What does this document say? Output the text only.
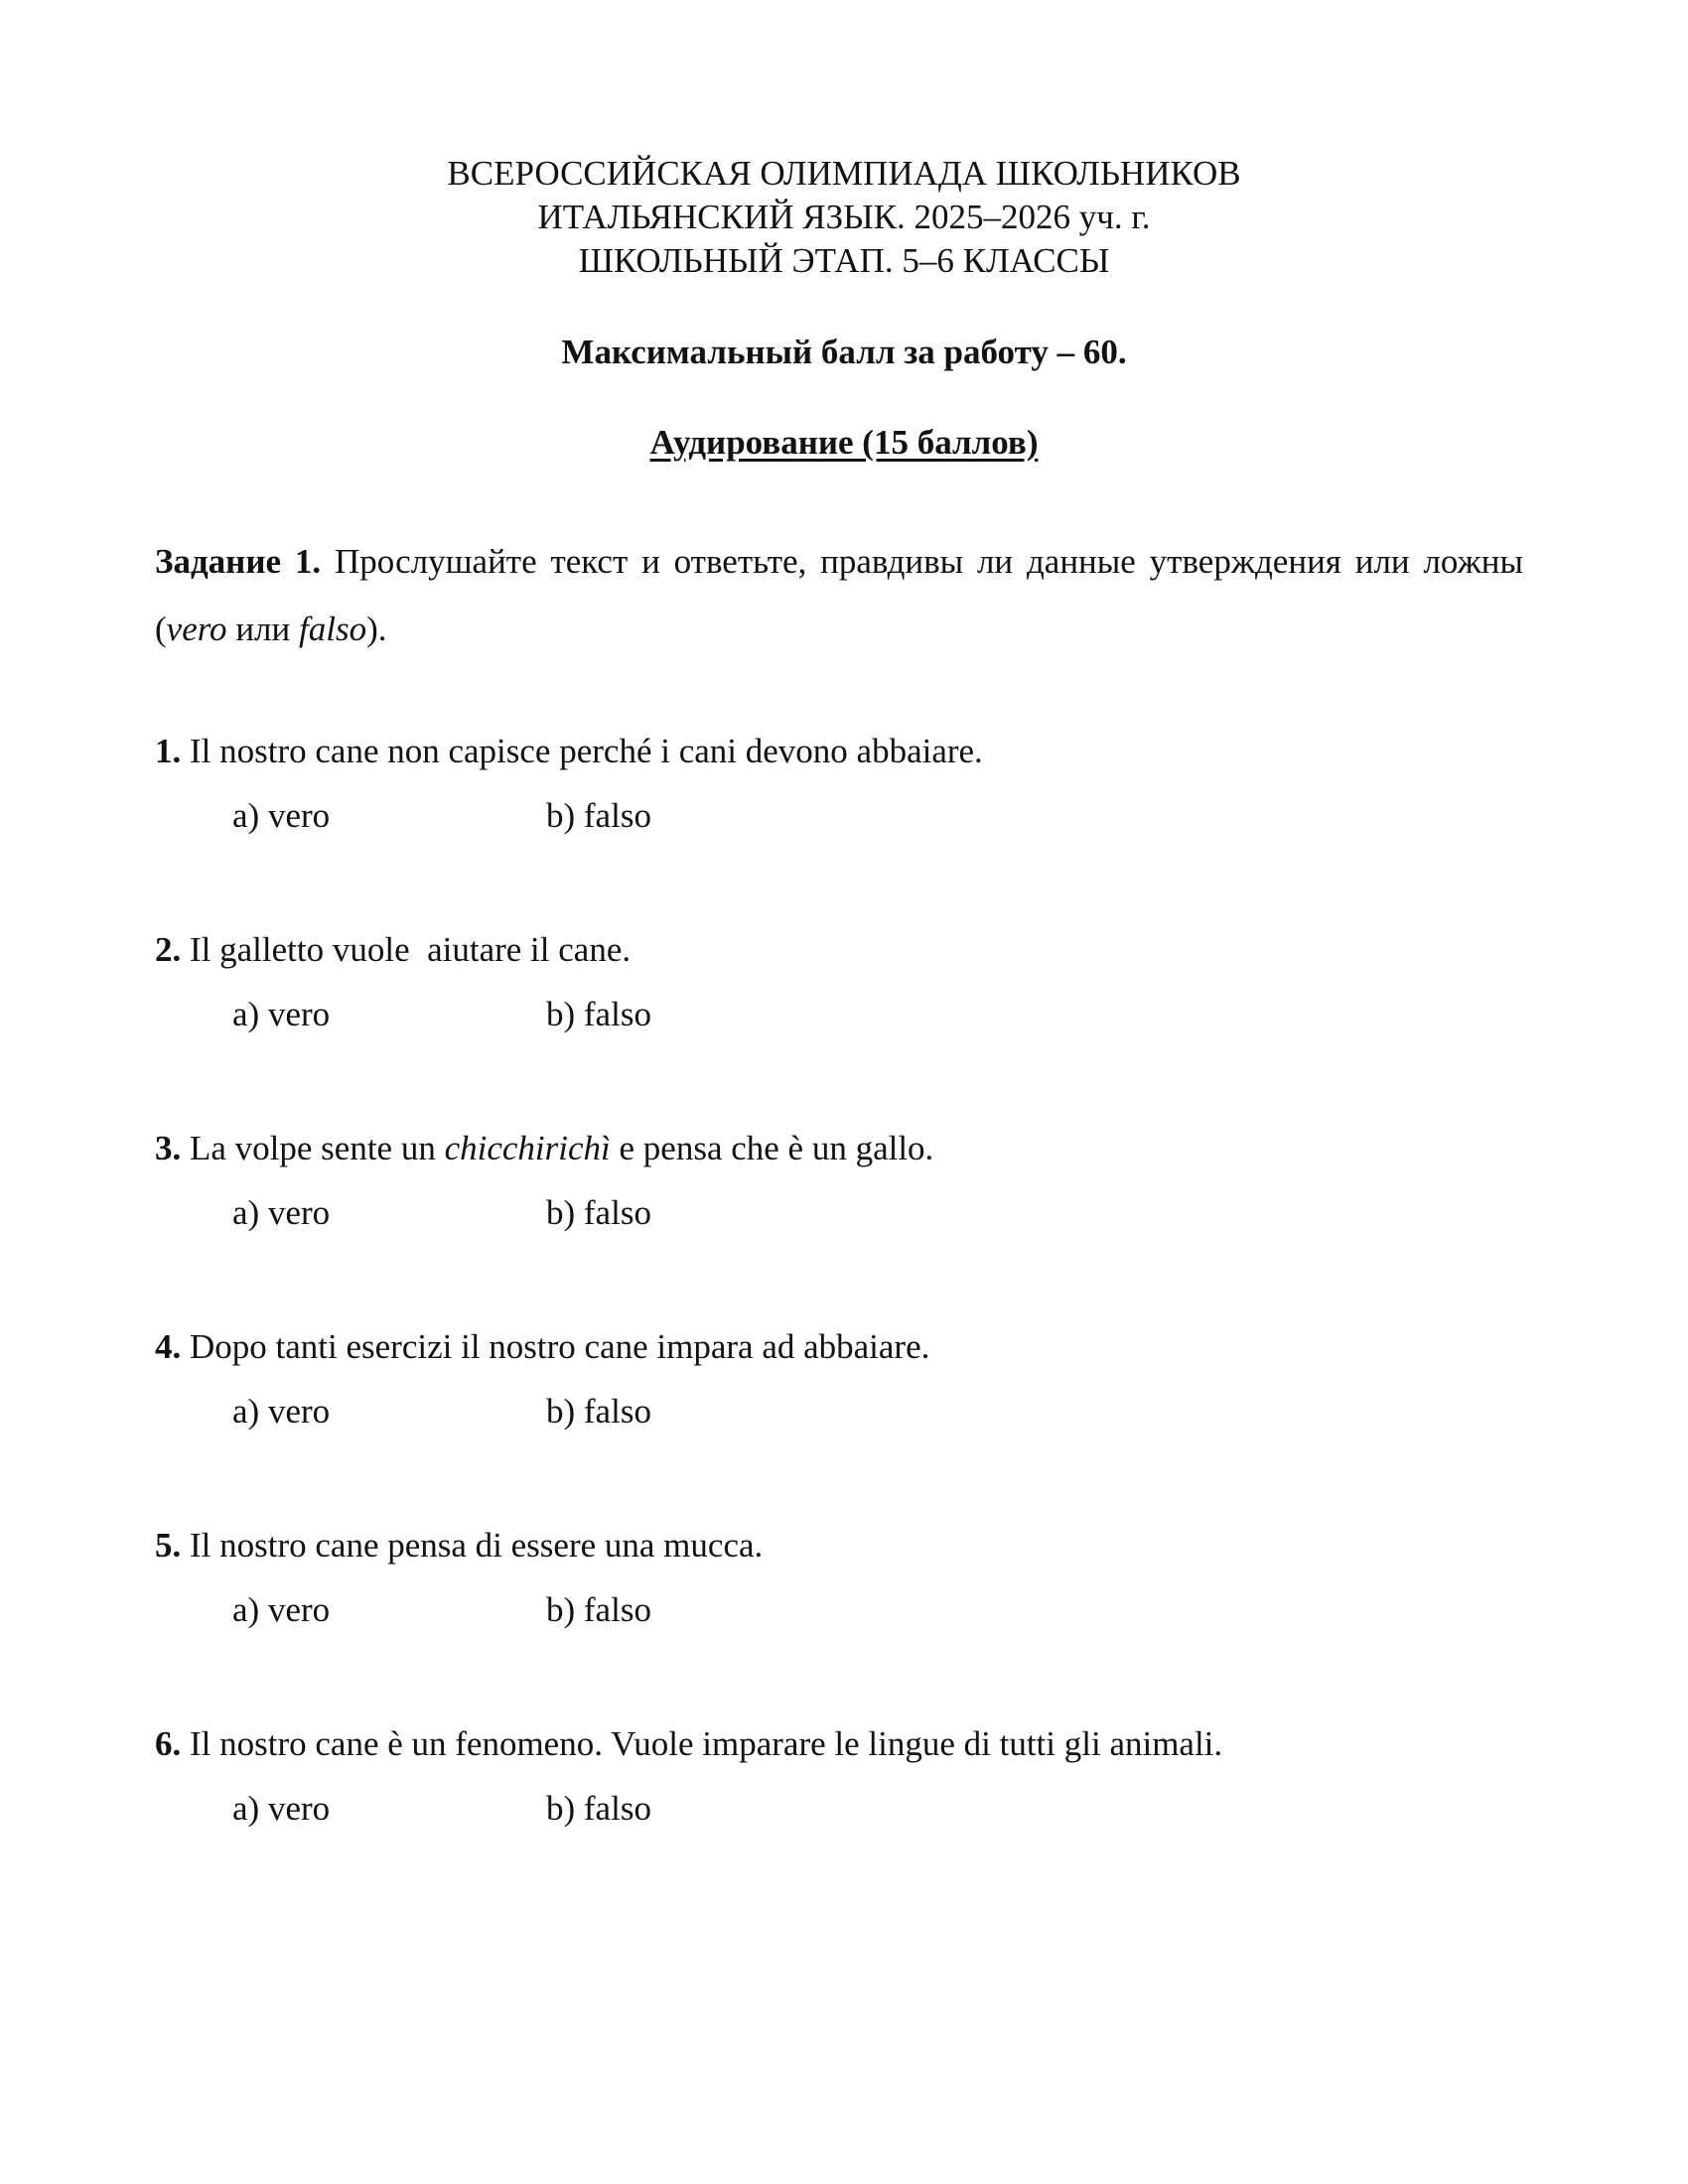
ВСЕРОССИЙСКАЯ ОЛИМПИАДА ШКОЛЬНИКОВ
ИТАЛЬЯНСКИЙ ЯЗЫК. 2025–2026 уч. г.
ШКОЛЬНЫЙ ЭТАП. 5–6 КЛАССЫ
Максимальный балл за работу – 60.
Аудирование (15 баллов)
Задание 1. Прослушайте текст и ответьте, правдивы ли данные утверждения или ложны (vero или falso).
1. Il nostro cane non capisce perché i cani devono abbaiare.
a) vero	b) falso
2. Il galletto vuole  aiutare il cane.
a) vero	b) falso
3. La volpe sente un chicchirichì e pensa che è un gallo.
a) vero	b) falso
4. Dopo tanti esercizi il nostro cane impara ad abbaiare.
a) vero	b) falso
5. Il nostro cane pensa di essere una mucca.
a) vero	b) falso
6. Il nostro cane è un fenomeno. Vuole imparare le lingue di tutti gli animali.
a) vero	b) falso
